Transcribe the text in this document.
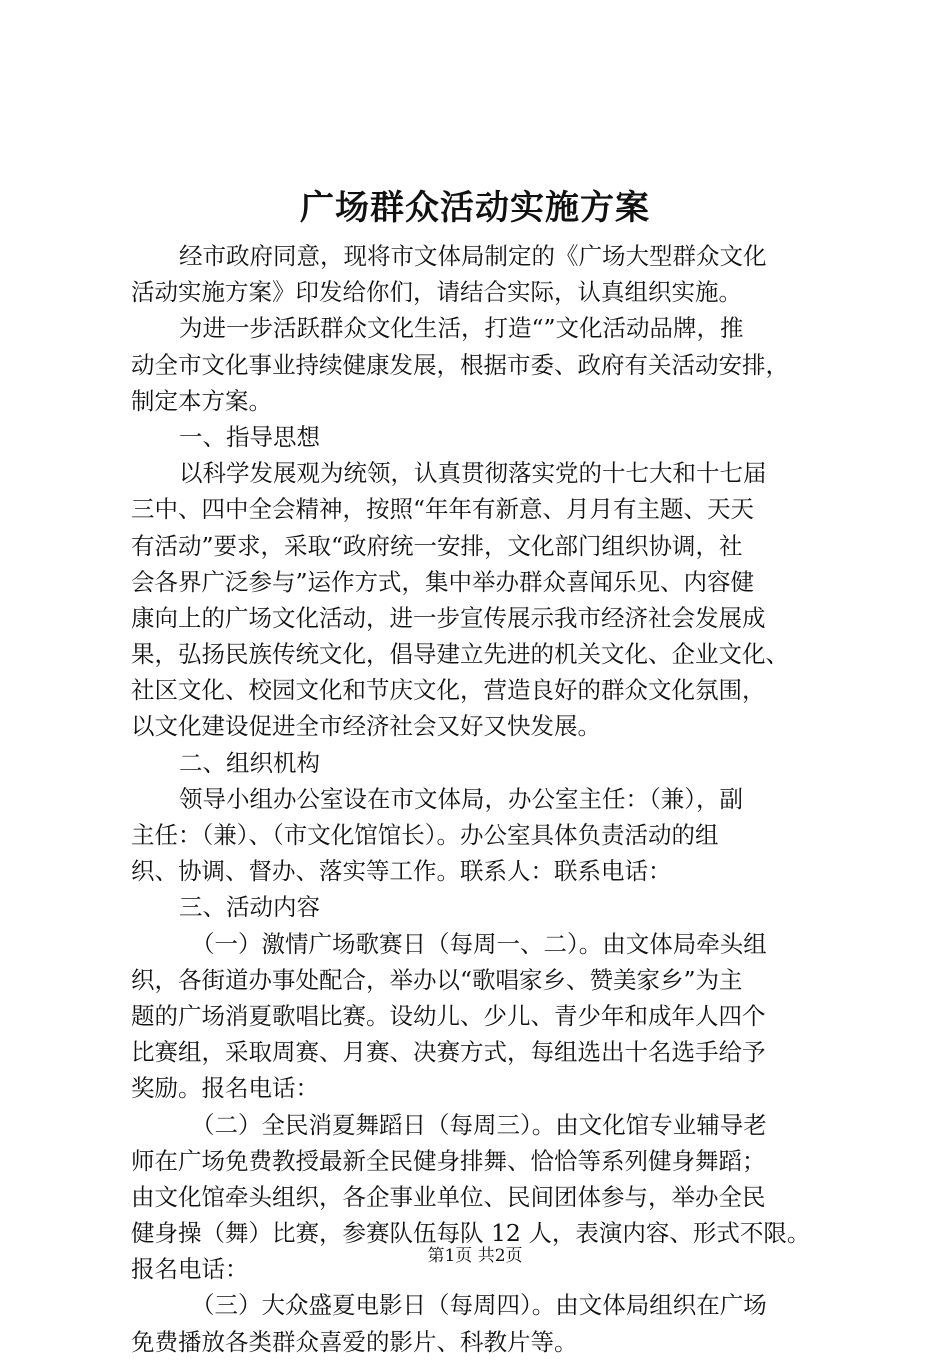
广场群众活动实施方案
经市政府同意，现将市文体局制定的《广场大型群众文化
活动实施方案》印发给你们，请结合实际，认真组织实施。
为进一步活跃群众文化生活，打造“”文化活动品牌，推
动全市文化事业持续健康发展，根据市委、政府有关活动安排，
制定本方案。
一、指导思想
以科学发展观为统领，认真贯彻落实党的十七大和十七届
三中、四中全会精神，按照“年年有新意、月月有主题、天天
有活动”要求，采取“政府统一安排，文化部门组织协调，社
会各界广泛参与”运作方式，集中举办群众喜闻乐见、内容健
康向上的广场文化活动，进一步宣传展示我市经济社会发展成
果，弘扬民族传统文化，倡导建立先进的机关文化、企业文化、
社区文化、校园文化和节庆文化，营造良好的群众文化氛围，
以文化建设促进全市经济社会又好又快发展。
二、组织机构
领导小组办公室设在市文体局，办公室主任：（兼），副
主任：（兼）、（市文化馆馆长）。办公室具体负责活动的组
织、协调、督办、落实等工作。联系人：联系电话：
三、活动内容
（一）激情广场歌赛日（每周一、二）。由文体局牵头组
织，各街道办事处配合，举办以“歌唱家乡、赞美家乡”为主
题的广场消夏歌唱比赛。设幼儿、少儿、青少年和成年人四个
比赛组，采取周赛、月赛、决赛方式，每组选出十名选手给予
奖励。报名电话：
（二）全民消夏舞蹈日（每周三）。由文化馆专业辅导老
师在广场免费教授最新全民健身排舞、恰恰等系列健身舞蹈；
由文化馆牵头组织，各企事业单位、民间团体参与，举办全民
健身操（舞）比赛，参赛队伍每队 12 人，表演内容、形式不限。
报名电话：
（三）大众盛夏电影日（每周四）。由文体局组织在广场
免费播放各类群众喜爱的影片、科教片等。
第1页 共2页
